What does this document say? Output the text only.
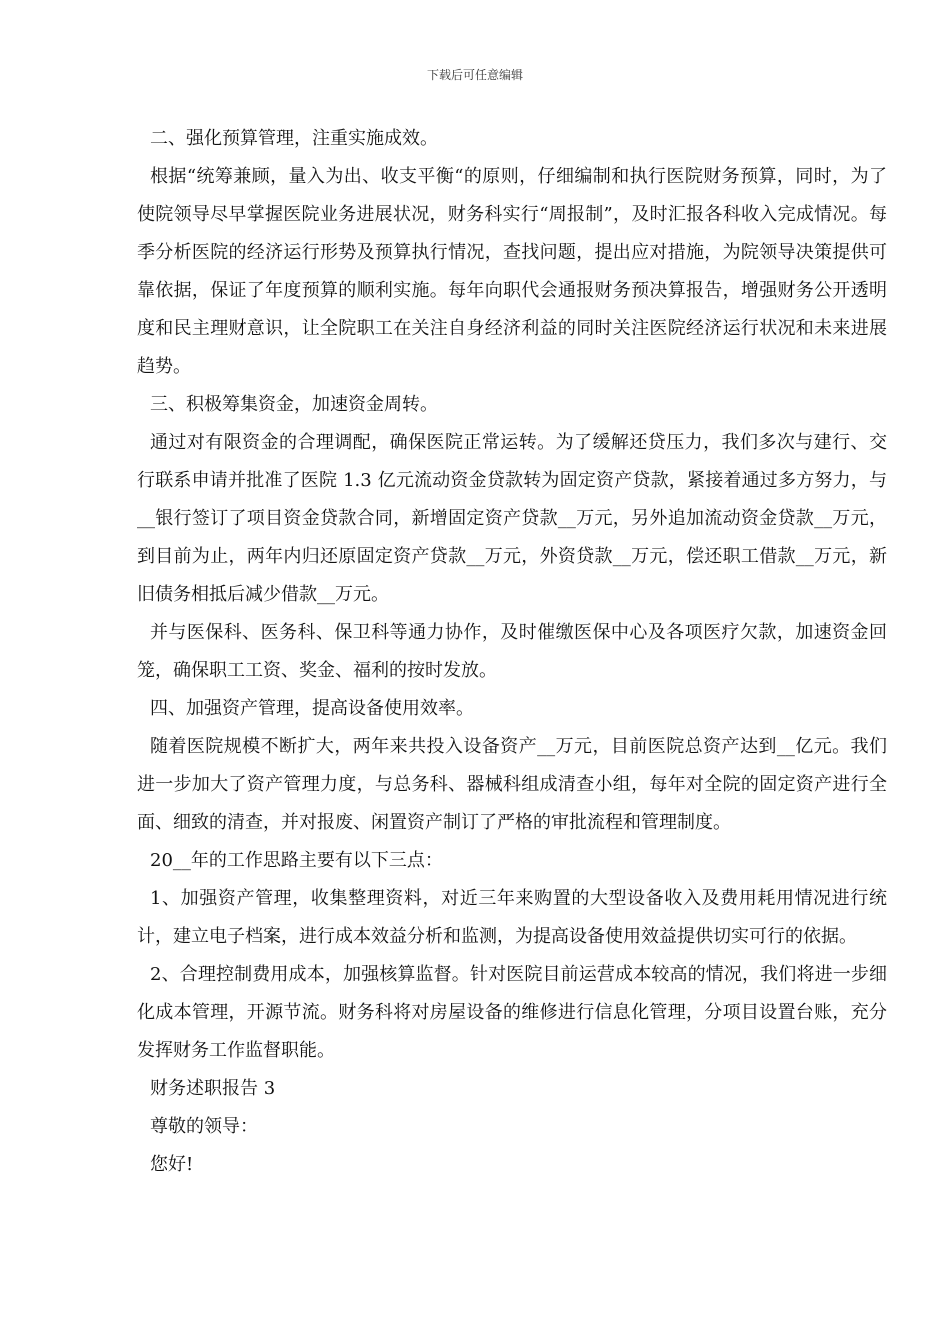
下载后可任意编辑

二、强化预算管理，注重实施成效。

根据“统筹兼顾，量入为出、收支平衡“的原则，仔细编制和执行医院财务预算，同时，为了使院领导尽早掌握医院业务进展状况，财务科实行“周报制”，及时汇报各科收入完成情况。每季分析医院的经济运行形势及预算执行情况，查找问题，提出应对措施，为院领导决策提供可靠依据，保证了年度预算的顺利实施。每年向职代会通报财务预决算报告，增强财务公开透明度和民主理财意识，让全院职工在关注自身经济利益的同时关注医院经济运行状况和未来进展趋势。

三、积极筹集资金，加速资金周转。

通过对有限资金的合理调配，确保医院正常运转。为了缓解还贷压力，我们多次与建行、交行联系申请并批准了医院 1.3 亿元流动资金贷款转为固定资产贷款，紧接着通过多方努力，与__银行签订了项目资金贷款合同，新增固定资产贷款__万元，另外追加流动资金贷款__万元，到目前为止，两年内归还原固定资产贷款__万元，外资贷款__万元，偿还职工借款__万元，新旧债务相抵后减少借款__万元。

并与医保科、医务科、保卫科等通力协作，及时催缴医保中心及各项医疗欠款，加速资金回笼，确保职工工资、奖金、福利的按时发放。

四、加强资产管理，提高设备使用效率。

随着医院规模不断扩大，两年来共投入设备资产__万元，目前医院总资产达到__亿元。我们进一步加大了资产管理力度，与总务科、器械科组成清查小组，每年对全院的固定资产进行全面、细致的清查，并对报废、闲置资产制订了严格的审批流程和管理制度。

20__年的工作思路主要有以下三点：

1、加强资产管理，收集整理资料，对近三年来购置的大型设备收入及费用耗用情况进行统计，建立电子档案，进行成本效益分析和监测，为提高设备使用效益提供切实可行的依据。

2、合理控制费用成本，加强核算监督。针对医院目前运营成本较高的情况，我们将进一步细化成本管理，开源节流。财务科将对房屋设备的维修进行信息化管理，分项目设置台账，充分发挥财务工作监督职能。

财务述职报告 3

尊敬的领导：

您好!
